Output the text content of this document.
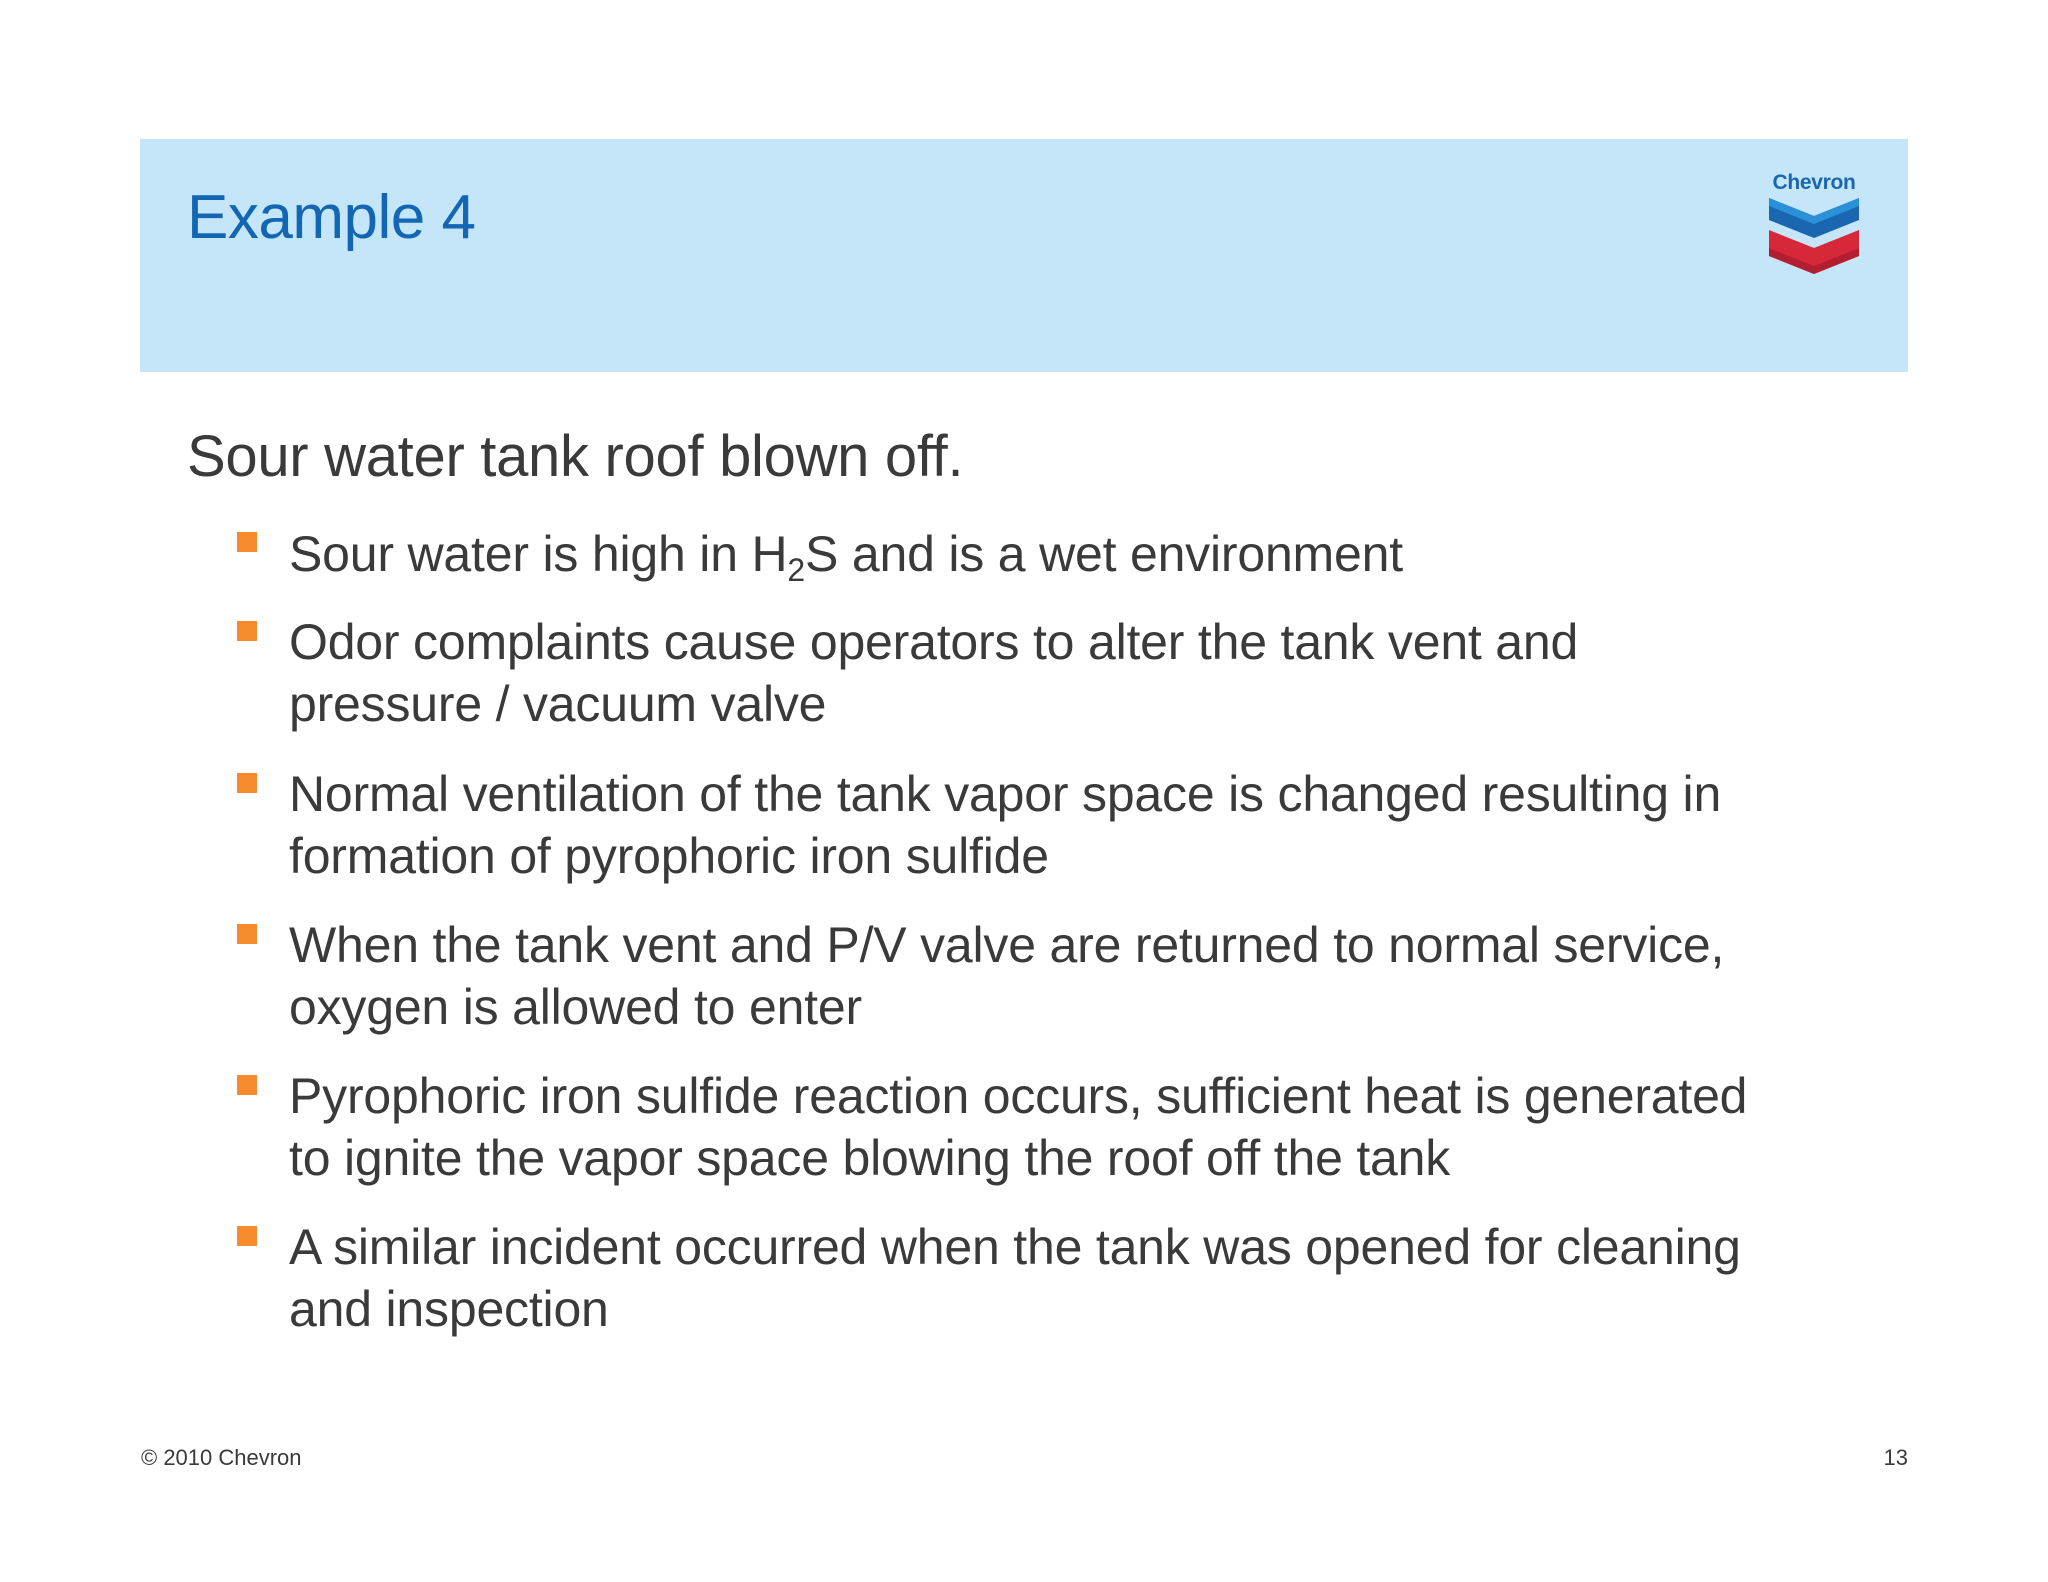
Example 4
Chevron
Sour water tank roof blown off.
Sour water is high in $H_2S$ and is a wet environment
Odor complaints cause operators to alter the tank vent and
pressure / vacuum valve
Normal ventilation of the tank vapor space is changed resulting in
formation of pyrophoric iron sulfide
When the tank vent and P/V valve are returned to normal service,
oxygen is allowed to enter
Pyrophoric iron sulfide reaction occurs, sufficient heat is generated
to ignite the vapor space blowing the roof off the tank
A similar incident occurred when the tank was opened for cleaning
and inspection
© 2010 Chevron	13
